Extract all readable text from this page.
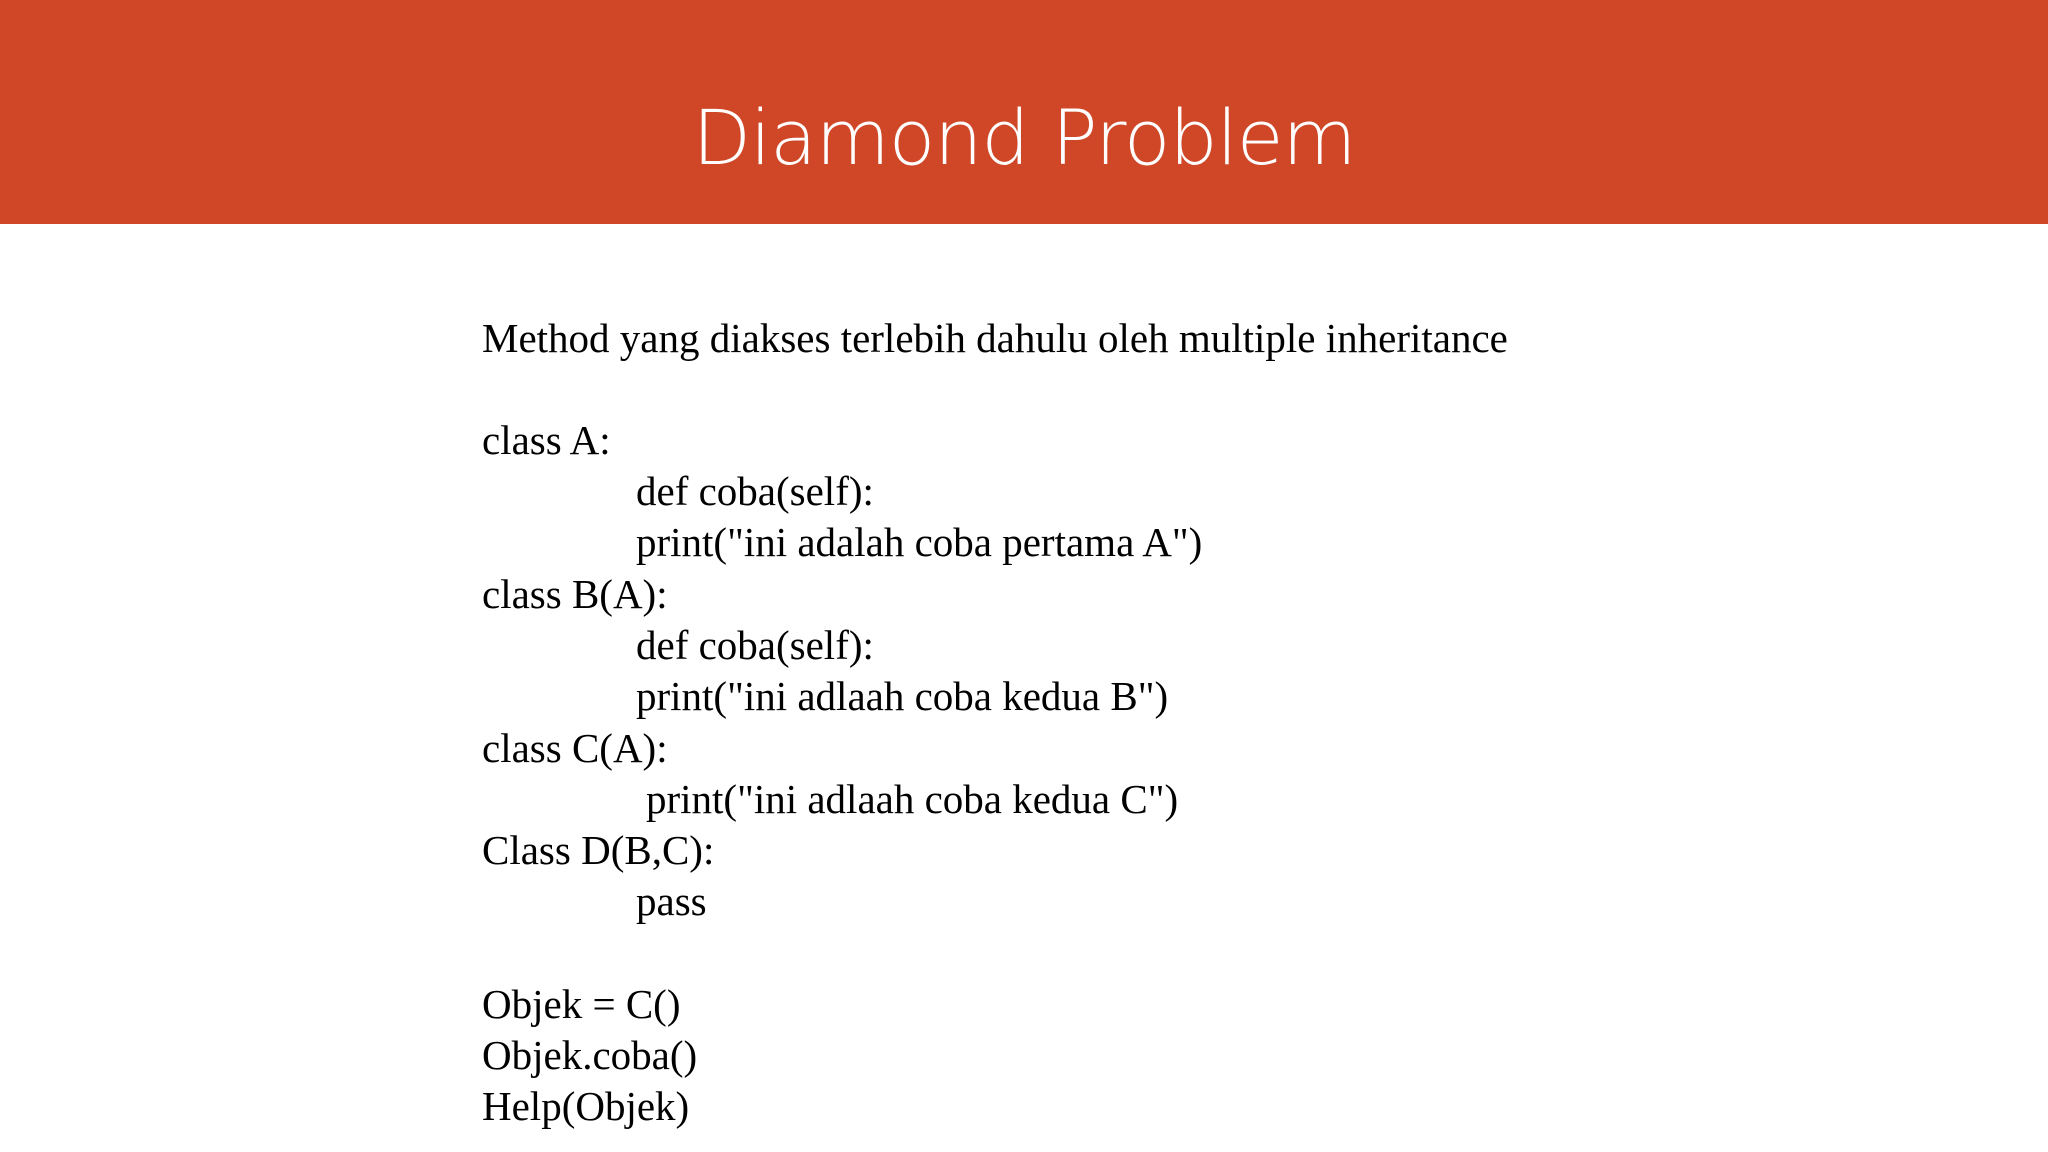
Diamond Problem
Method yang diakses terlebih dahulu oleh multiple inheritance
class A:
def coba(self):
print("ini adalah coba pertama A")
class B(A):
def coba(self):
print("ini adlaah coba kedua B")
class C(A):
print("ini adlaah coba kedua C")
Class D(B,C):
pass
Objek = C()
Objek.coba()
Help(Objek)
